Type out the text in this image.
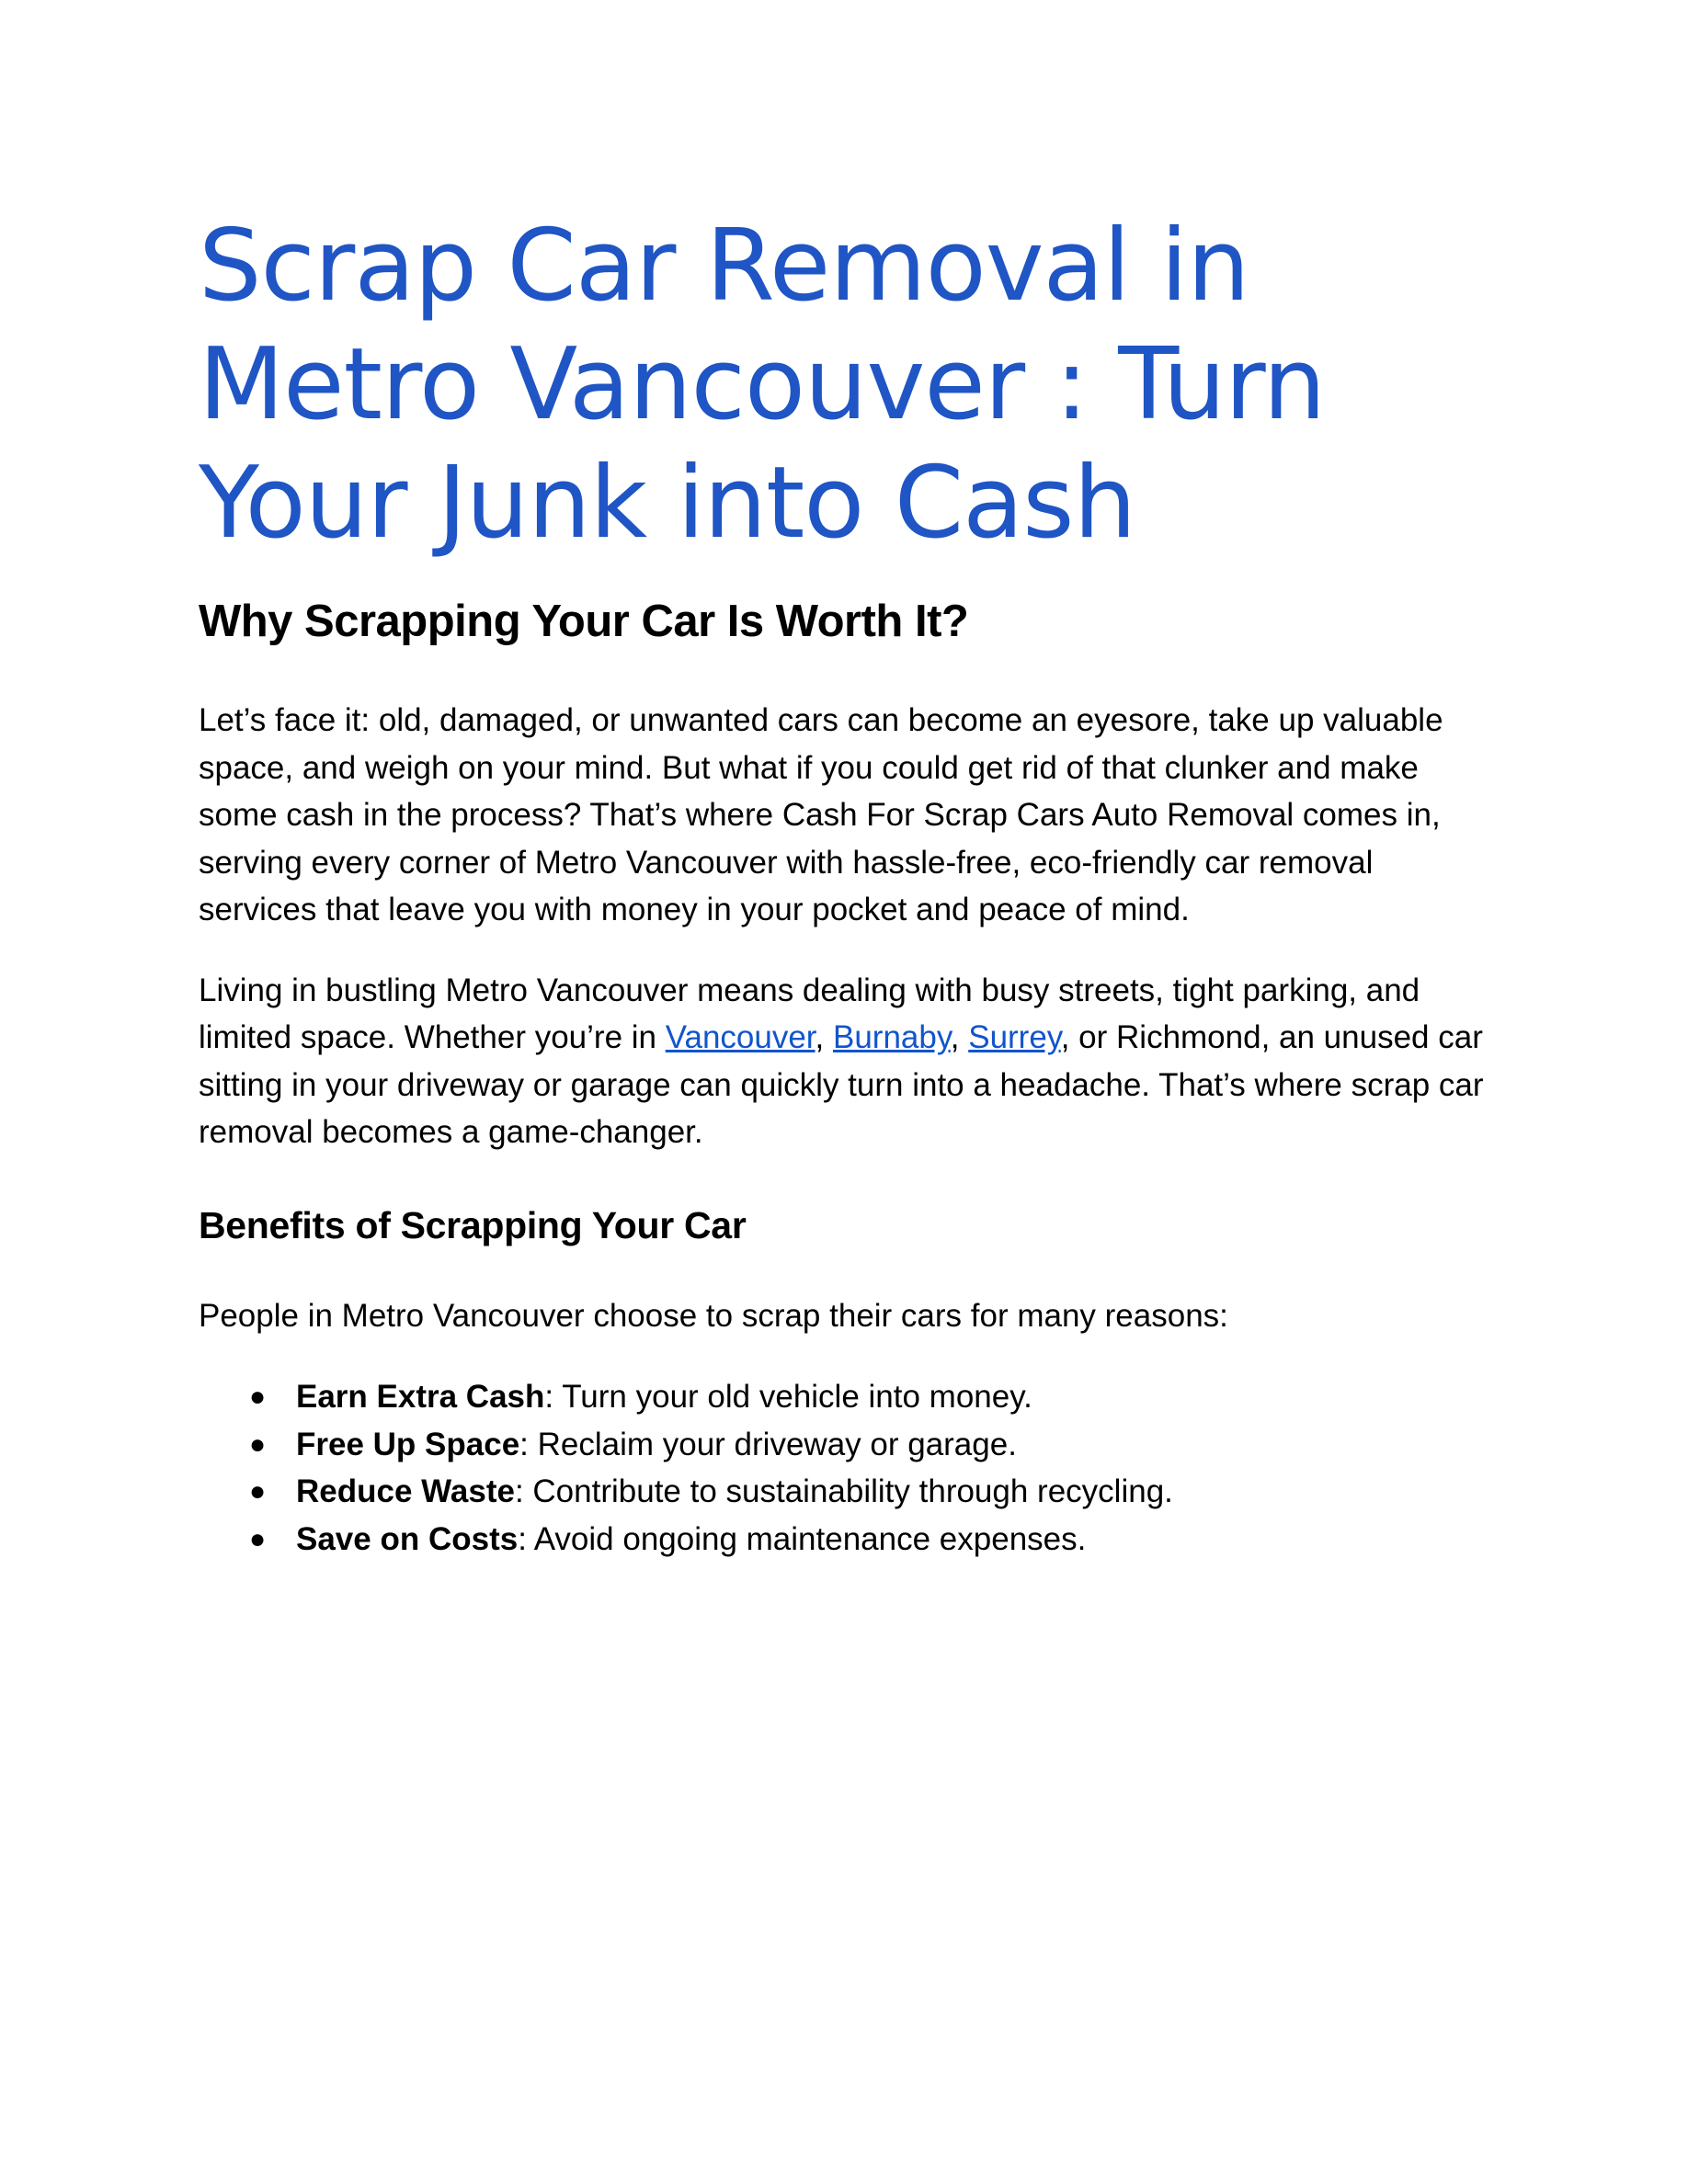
Scrap Car Removal in Metro Vancouver : Turn Your Junk into Cash
Why Scrapping Your Car Is Worth It?

Let’s face it: old, damaged, or unwanted cars can become an eyesore, take up valuable space, and weigh on your mind. But what if you could get rid of that clunker and make some cash in the process? That’s where Cash For Scrap Cars Auto Removal comes in, serving every corner of Metro Vancouver with hassle-free, eco-friendly car removal services that leave you with money in your pocket and peace of mind.

Living in bustling Metro Vancouver means dealing with busy streets, tight parking, and limited space. Whether you’re in Vancouver, Burnaby, Surrey, or Richmond, an unused car sitting in your driveway or garage can quickly turn into a headache. That’s where scrap car removal becomes a game-changer.

Benefits of Scrapping Your Car

People in Metro Vancouver choose to scrap their cars for many reasons:

● Earn Extra Cash: Turn your old vehicle into money.
● Free Up Space: Reclaim your driveway or garage.
● Reduce Waste: Contribute to sustainability through recycling.
● Save on Costs: Avoid ongoing maintenance expenses.
